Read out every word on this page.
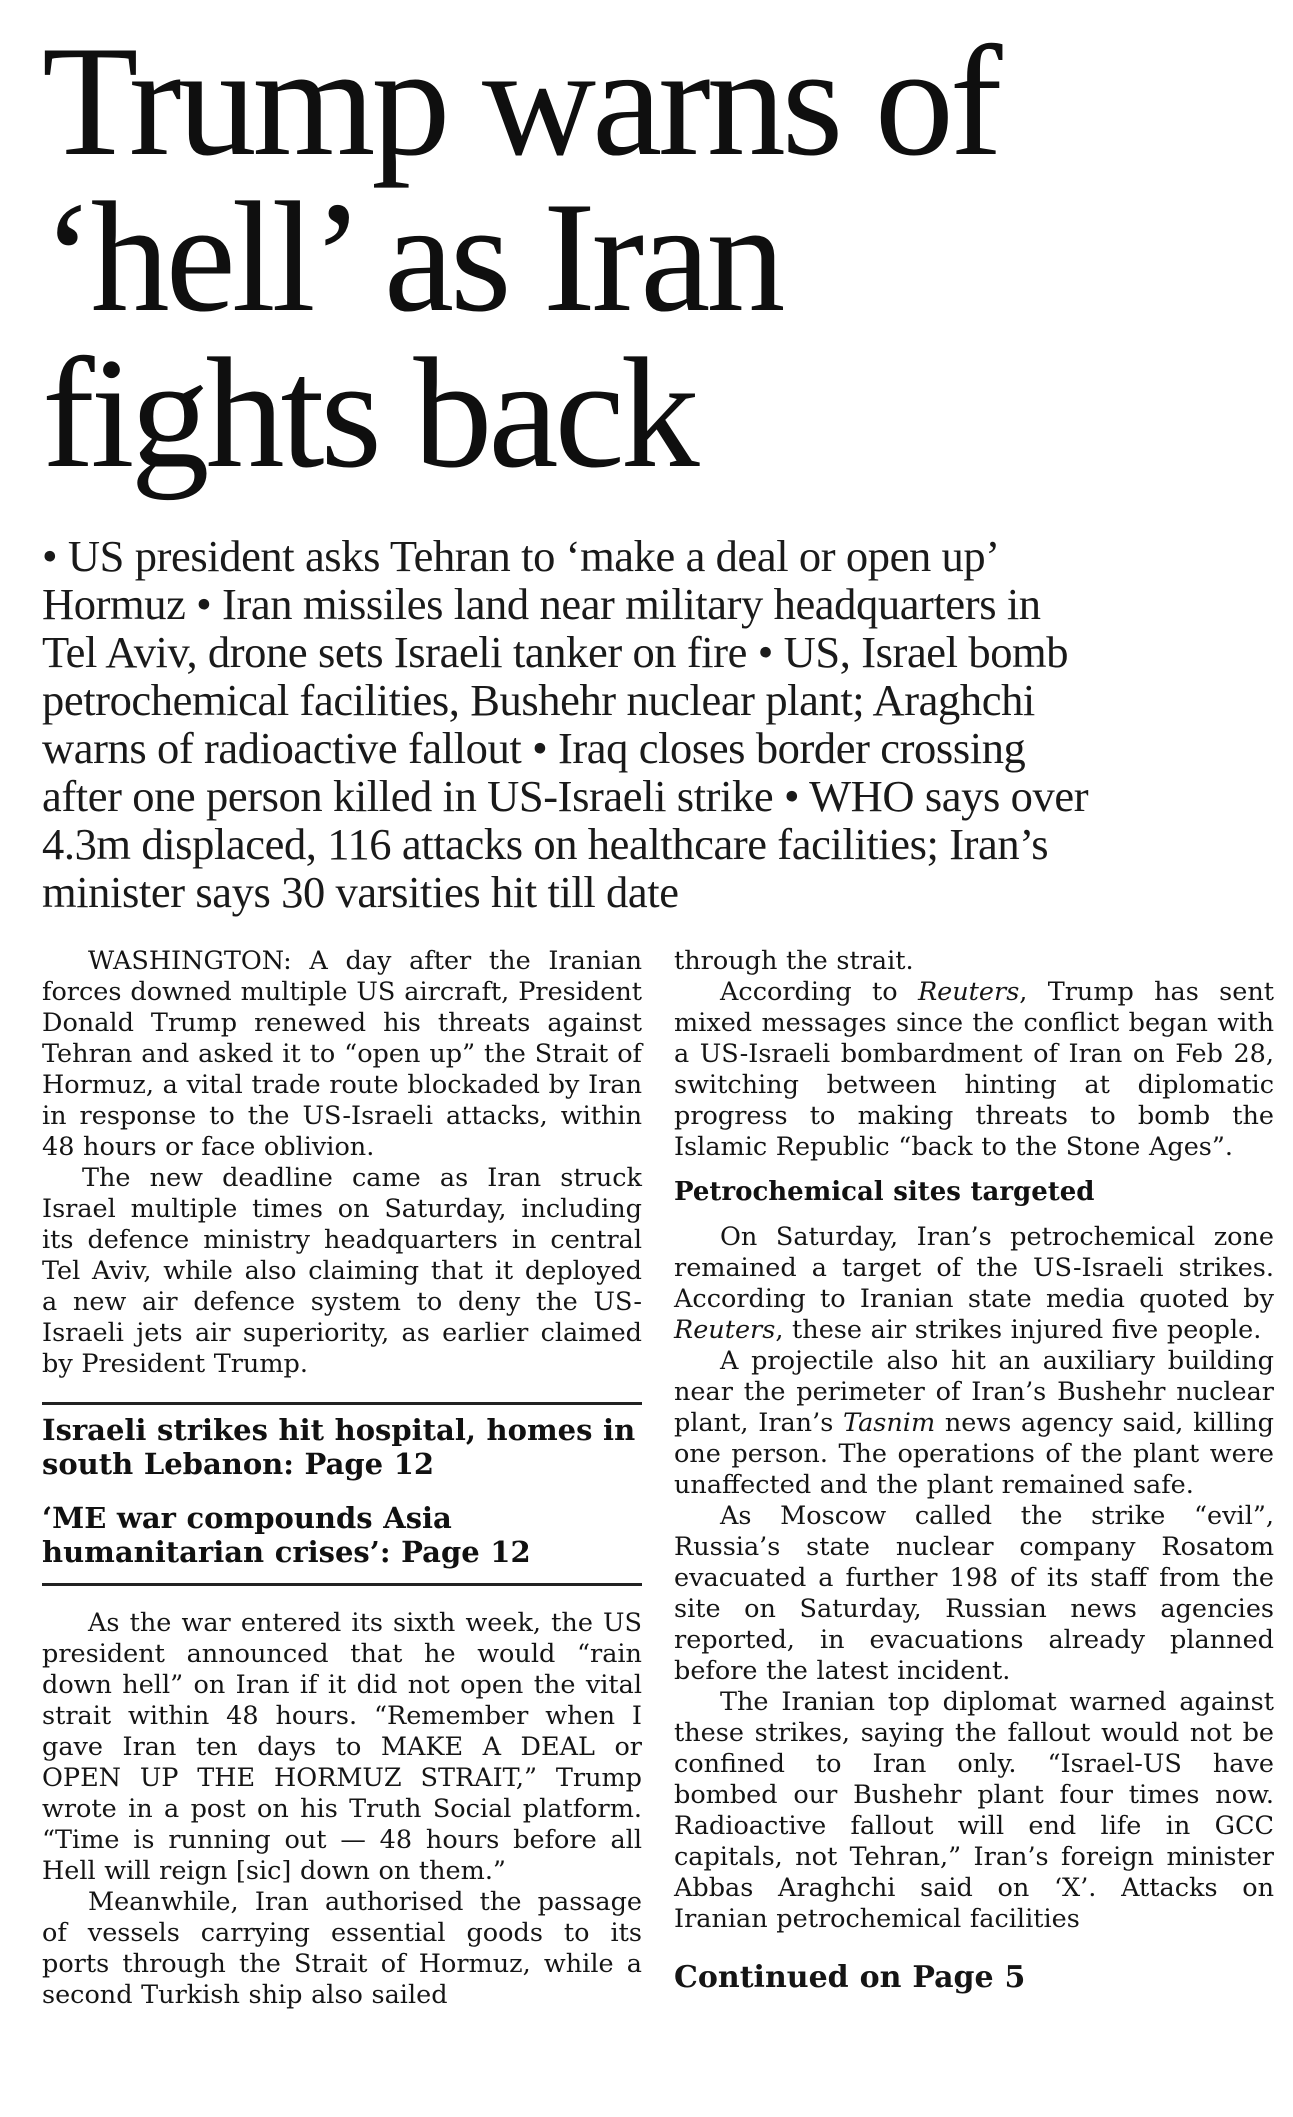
Trump warns of
‘hell’ as Iran
fights back
• US president asks Tehran to ‘make a deal or open up’
Hormuz • Iran missiles land near military headquarters in
Tel Aviv, drone sets Israeli tanker on fire • US, Israel bomb
petrochemical facilities, Bushehr nuclear plant; Araghchi
warns of radioactive fallout • Iraq closes border crossing
after one person killed in US-Israeli strike • WHO says over
4.3m displaced, 116 attacks on healthcare facilities; Iran’s
minister says 30 varsities hit till date

WASHINGTON: A day after the Iranian forces downed multiple US aircraft, President Donald Trump renewed his threats against Tehran and asked it to “open up” the Strait of Hormuz, a vital trade route blockaded by Iran in response to the US-Israeli attacks, within 48 hours or face oblivion.

The new deadline came as Iran struck Israel multiple times on Saturday, including its defence ministry headquarters in central Tel Aviv, while also claiming that it deployed a new air defence system to deny the US-Israeli jets air superiority, as earlier claimed by President Trump.

Israeli strikes hit hospital, homes in south Lebanon: Page 12

‘ME war compounds Asia humanitarian crises’: Page 12

As the war entered its sixth week, the US president announced that he would “rain down hell” on Iran if it did not open the vital strait within 48 hours. “Remember when I gave Iran ten days to MAKE A DEAL or OPEN UP THE HORMUZ STRAIT,” Trump wrote in a post on his Truth Social platform. “Time is running out — 48 hours before all Hell will reign [sic] down on them.”

Meanwhile, Iran authorised the passage of vessels carrying essential goods to its ports through the Strait of Hormuz, while a second Turkish ship also sailed

through the strait.

According to Reuters, Trump has sent mixed messages since the conflict began with a US-Israeli bombardment of Iran on Feb 28, switching between hinting at diplomatic progress to making threats to bomb the Islamic Republic “back to the Stone Ages”.

Petrochemical sites targeted

On Saturday, Iran’s petrochemical zone remained a target of the US-Israeli strikes. According to Iranian state media quoted by Reuters, these air strikes injured five people.

A projectile also hit an auxiliary building near the perimeter of Iran’s Bushehr nuclear plant, Iran’s Tasnim news agency said, killing one person. The operations of the plant were unaffected and the plant remained safe.

As Moscow called the strike “evil”, Russia’s state nuclear company Rosatom evacuated a further 198 of its staff from the site on Saturday, Russian news agencies reported, in evacuations already planned before the latest incident.

The Iranian top diplomat warned against these strikes, saying the fallout would not be confined to Iran only. “Israel-US have bombed our Bushehr plant four times now. Radioactive fallout will end life in GCC capitals, not Tehran,” Iran’s foreign minister Abbas Araghchi said on ‘X’. Attacks on Iranian petrochemical facilities

Continued on Page 5
